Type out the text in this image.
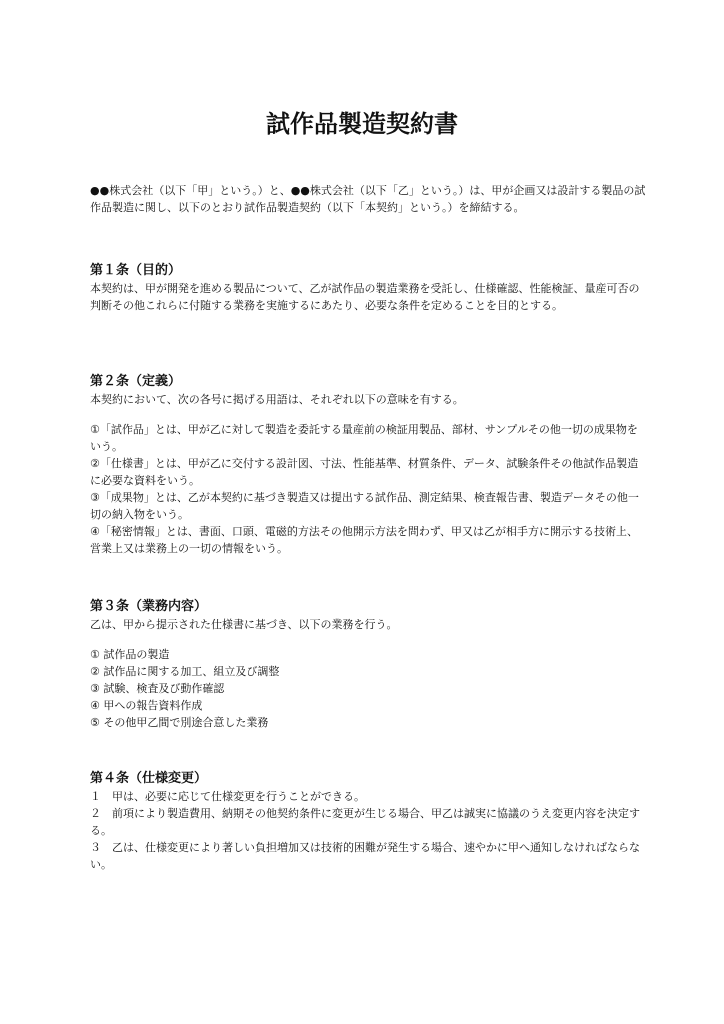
試作品製造契約書

●●株式会社（以下「甲」という。）と、●●株式会社（以下「乙」という。）は、甲が企画又は設計する製品の試作品製造に関し、以下のとおり試作品製造契約（以下「本契約」という。）を締結する。

第１条（目的）

本契約は、甲が開発を進める製品について、乙が試作品の製造業務を受託し、仕様確認、性能検証、量産可否の判断その他これらに付随する業務を実施するにあたり、必要な条件を定めることを目的とする。

第２条（定義）

本契約において、次の各号に掲げる用語は、それぞれ以下の意味を有する。

①「試作品」とは、甲が乙に対して製造を委託する量産前の検証用製品、部材、サンプルその他一切の成果物をいう。

②「仕様書」とは、甲が乙に交付する設計図、寸法、性能基準、材質条件、データ、試験条件その他試作品製造に必要な資料をいう。

③「成果物」とは、乙が本契約に基づき製造又は提出する試作品、測定結果、検査報告書、製造データその他一切の納入物をいう。

④「秘密情報」とは、書面、口頭、電磁的方法その他開示方法を問わず、甲又は乙が相手方に開示する技術上、営業上又は業務上の一切の情報をいう。

第３条（業務内容）

乙は、甲から提示された仕様書に基づき、以下の業務を行う。

① 試作品の製造

② 試作品に関する加工、組立及び調整

③ 試験、検査及び動作確認

④ 甲への報告資料作成

⑤ その他甲乙間で別途合意した業務

第４条（仕様変更）

１　甲は、必要に応じて仕様変更を行うことができる。

２　前項により製造費用、納期その他契約条件に変更が生じる場合、甲乙は誠実に協議のうえ変更内容を決定する。

３　乙は、仕様変更により著しい負担増加又は技術的困難が発生する場合、速やかに甲へ通知しなければならない。
